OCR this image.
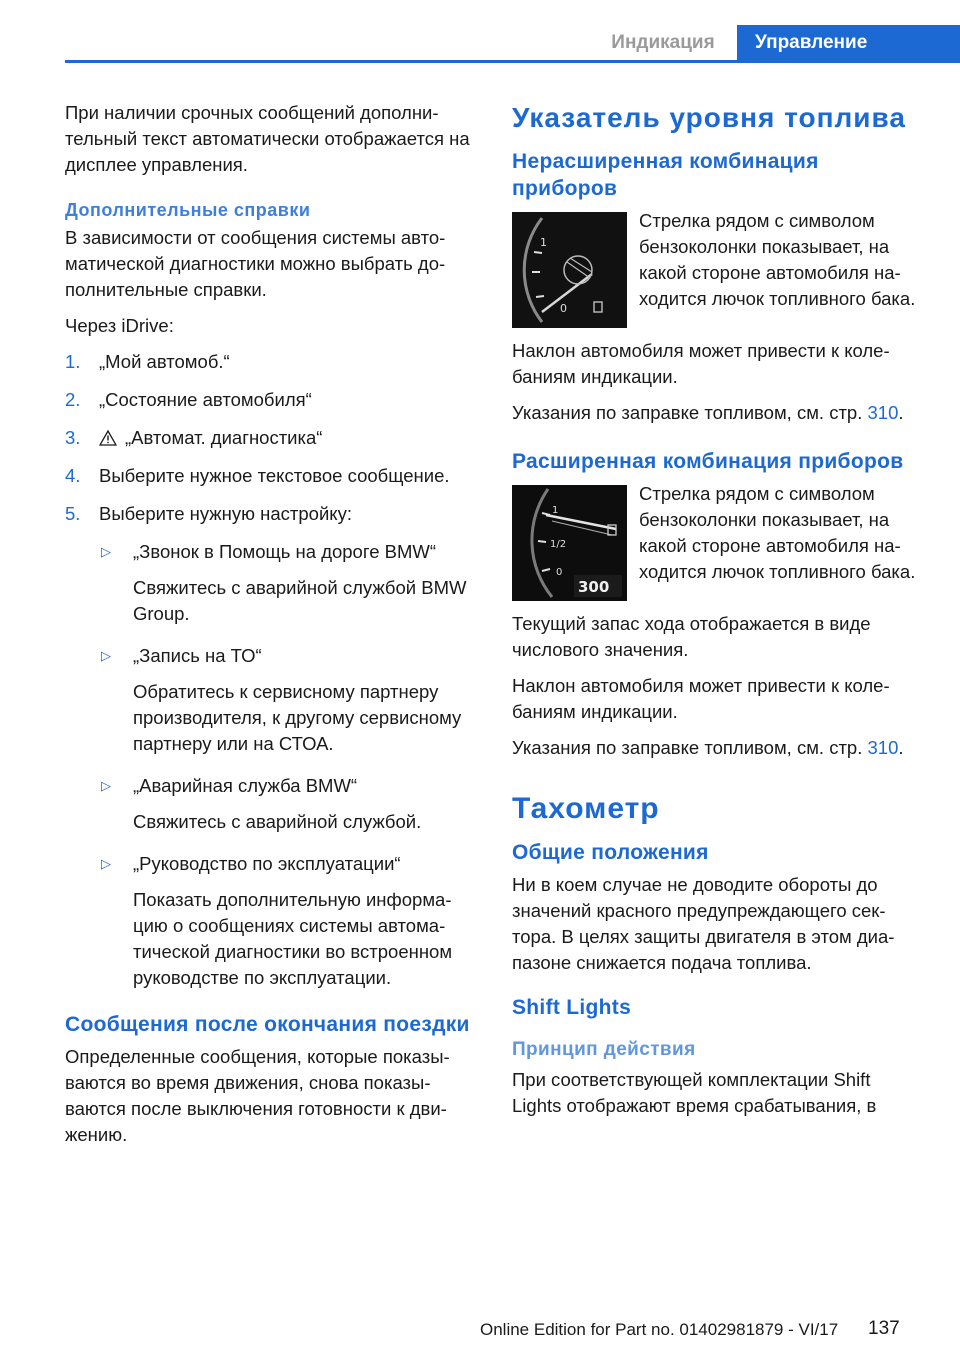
Индикация	Управление

При наличии срочных сообщений дополнительный текст автоматически отображается на дисплее управления.

Дополнительные справки

В зависимости от сообщения системы автоматической диагностики можно выбрать дополнительные справки.

Через iDrive:

1. „Мой автомоб.“
2. „Состояние автомобиля“
3. „Автомат. диагностика“
4. Выберите нужное текстовое сообщение.
5. Выберите нужную настройку:
▷ „Звонок в Помощь на дороге BMW“
Свяжитесь с аварийной службой BMW Group.
▷ „Запись на ТО“
Обратитесь к сервисному партнеру производителя, к другому сервисному партнеру или на СТОА.
▷ „Аварийная служба BMW“
Свяжитесь с аварийной службой.
▷ „Руководство по эксплуатации“
Показать дополнительную информацию о сообщениях системы автоматической диагностики во встроенном руководстве по эксплуатации.
Сообщения после окончания поездки

Определенные сообщения, которые показываются во время движения, снова показываются после выключения готовности к движению.

Указатель уровня топлива
Нерасширенная комбинация приборов
1
0
Стрелка рядом с символом бензоколонки показывает, на какой стороне автомобиля находится лючок топливного бака.

Наклон автомобиля может привести к колебаниям индикации.

Указания по заправке топливом, см. стр. 310.

Расширенная комбинация приборов
1
1/2
0
300
Стрелка рядом с символом бензоколонки показывает, на какой стороне автомобиля находится лючок топливного бака.

Текущий запас хода отображается в виде числового значения.

Наклон автомобиля может привести к колебаниям индикации.

Указания по заправке топливом, см. стр. 310.

Тахометр
Общие положения

Ни в коем случае не доводите обороты до значений красного предупреждающего сектора. В целях защиты двигателя в этом диапазоне снижается подача топлива.

Shift Lights
Принцип действия

При соответствующей комплектации Shift Lights отображают время срабатывания, в

Online Edition for Part no. 01402981879 - VI/17 137
